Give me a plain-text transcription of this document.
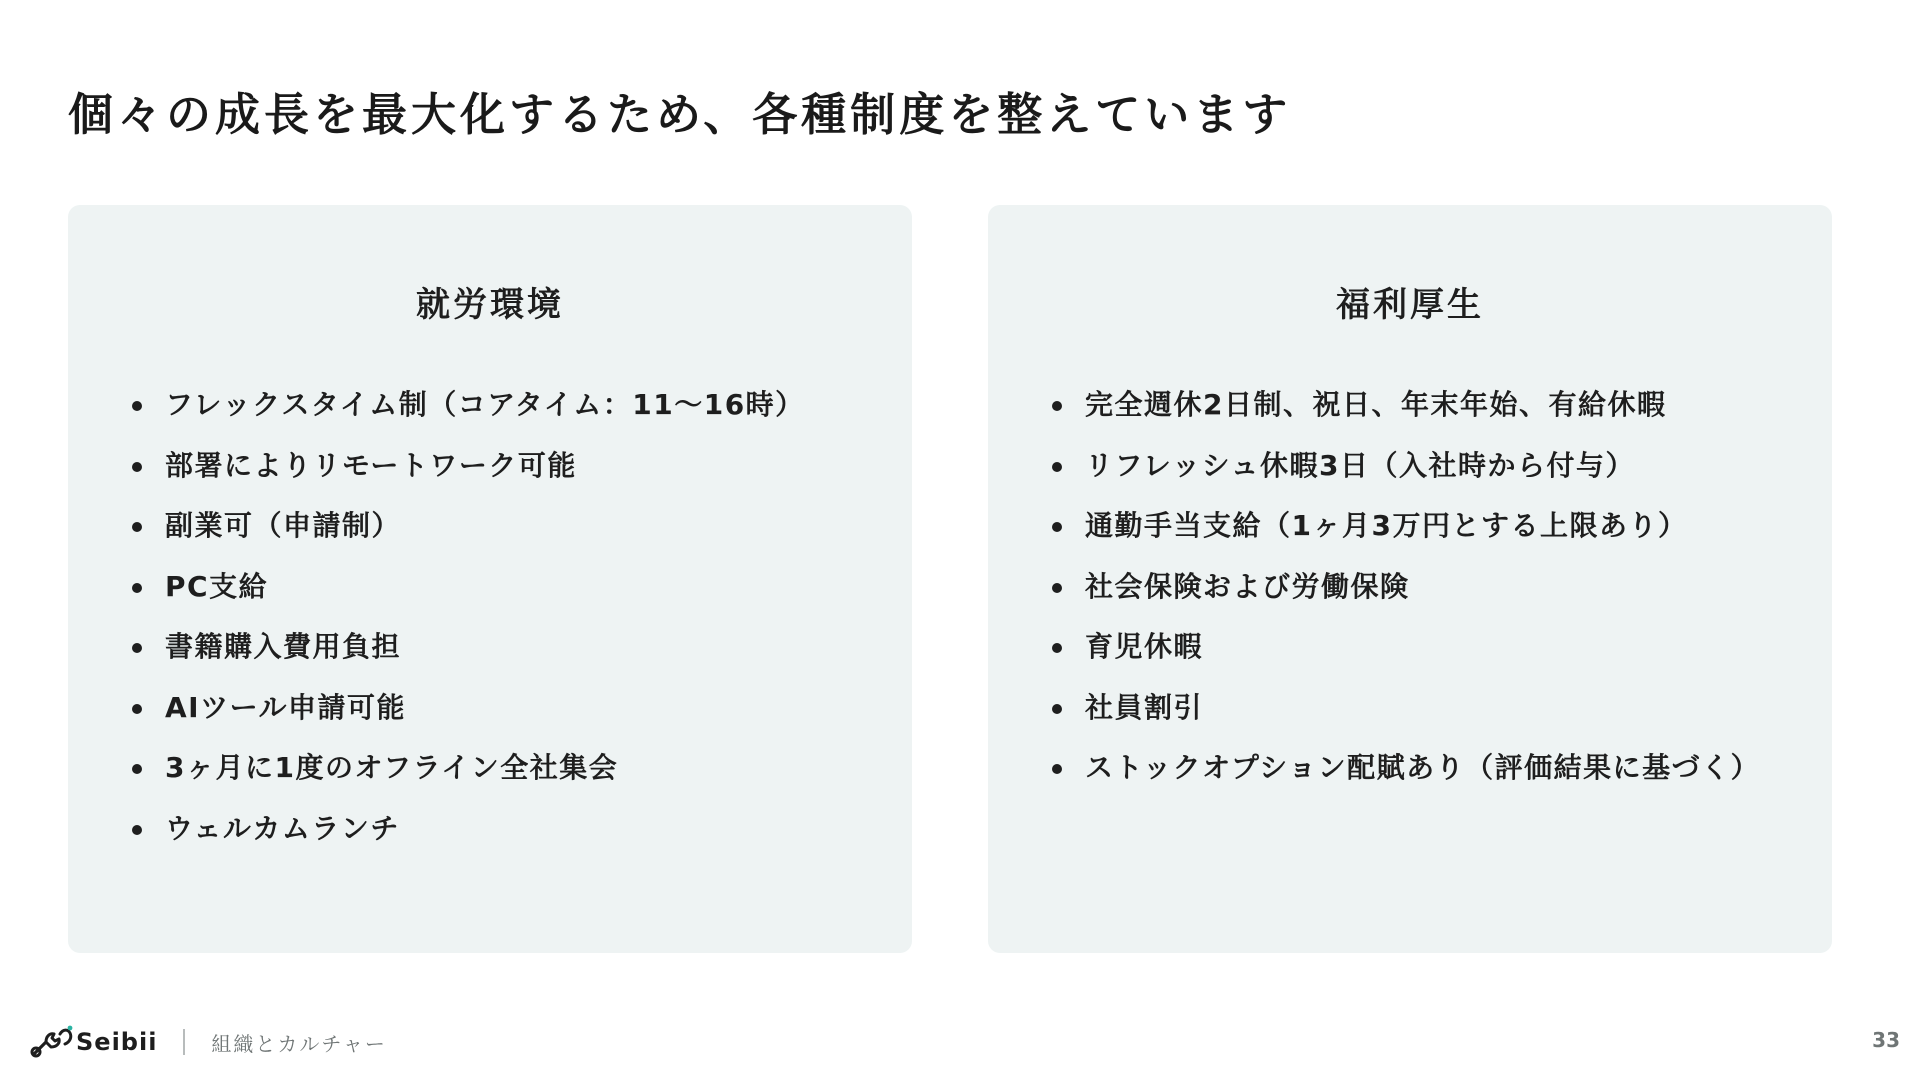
個々の成長を最大化するため、各種制度を整えています
就労環境
フレックスタイム制（コアタイム：11〜16時）
部署によりリモートワーク可能
副業可（申請制）
PC支給
書籍購入費用負担
AIツール申請可能
3ヶ月に1度のオフライン全社集会
ウェルカムランチ
福利厚生
完全週休2日制、祝日、年末年始、有給休暇
リフレッシュ休暇3日（入社時から付与）
通勤手当支給（1ヶ月3万円とする上限あり）
社会保険および労働保険
育児休暇
社員割引
ストックオプション配賦あり（評価結果に基づく）
Seibii	組織とカルチャー	33
